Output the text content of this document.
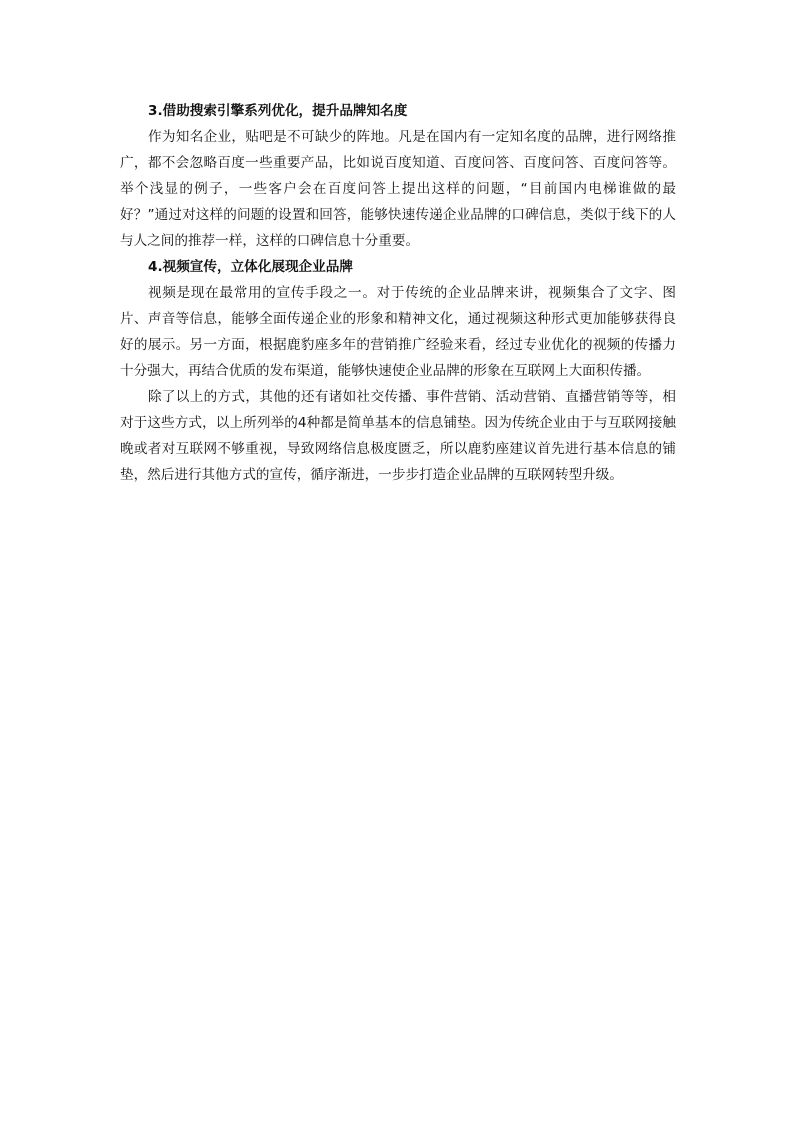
3.借助搜索引擎系列优化，提升品牌知名度

作为知名企业，贴吧是不可缺少的阵地。凡是在国内有一定知名度的品牌，进行网络推广，都不会忽略百度一些重要产品，比如说百度知道、百度问答、百度问答、百度问答等。举个浅显的例子，一些客户会在百度问答上提出这样的问题，“目前国内电梯谁做的最好？”通过对这样的问题的设置和回答，能够快速传递企业品牌的口碑信息，类似于线下的人与人之间的推荐一样，这样的口碑信息十分重要。

4.视频宣传，立体化展现企业品牌

视频是现在最常用的宣传手段之一。对于传统的企业品牌来讲，视频集合了文字、图片、声音等信息，能够全面传递企业的形象和精神文化，通过视频这种形式更加能够获得良好的展示。另一方面，根据鹿豹座多年的营销推广经验来看，经过专业优化的视频的传播力十分强大，再结合优质的发布渠道，能够快速使企业品牌的形象在互联网上大面积传播。

除了以上的方式，其他的还有诸如社交传播、事件营销、活动营销、直播营销等等，相对于这些方式，以上所列举的4种都是简单基本的信息铺垫。因为传统企业由于与互联网接触晚或者对互联网不够重视，导致网络信息极度匮乏，所以鹿豹座建议首先进行基本信息的铺垫，然后进行其他方式的宣传，循序渐进，一步步打造企业品牌的互联网转型升级。
